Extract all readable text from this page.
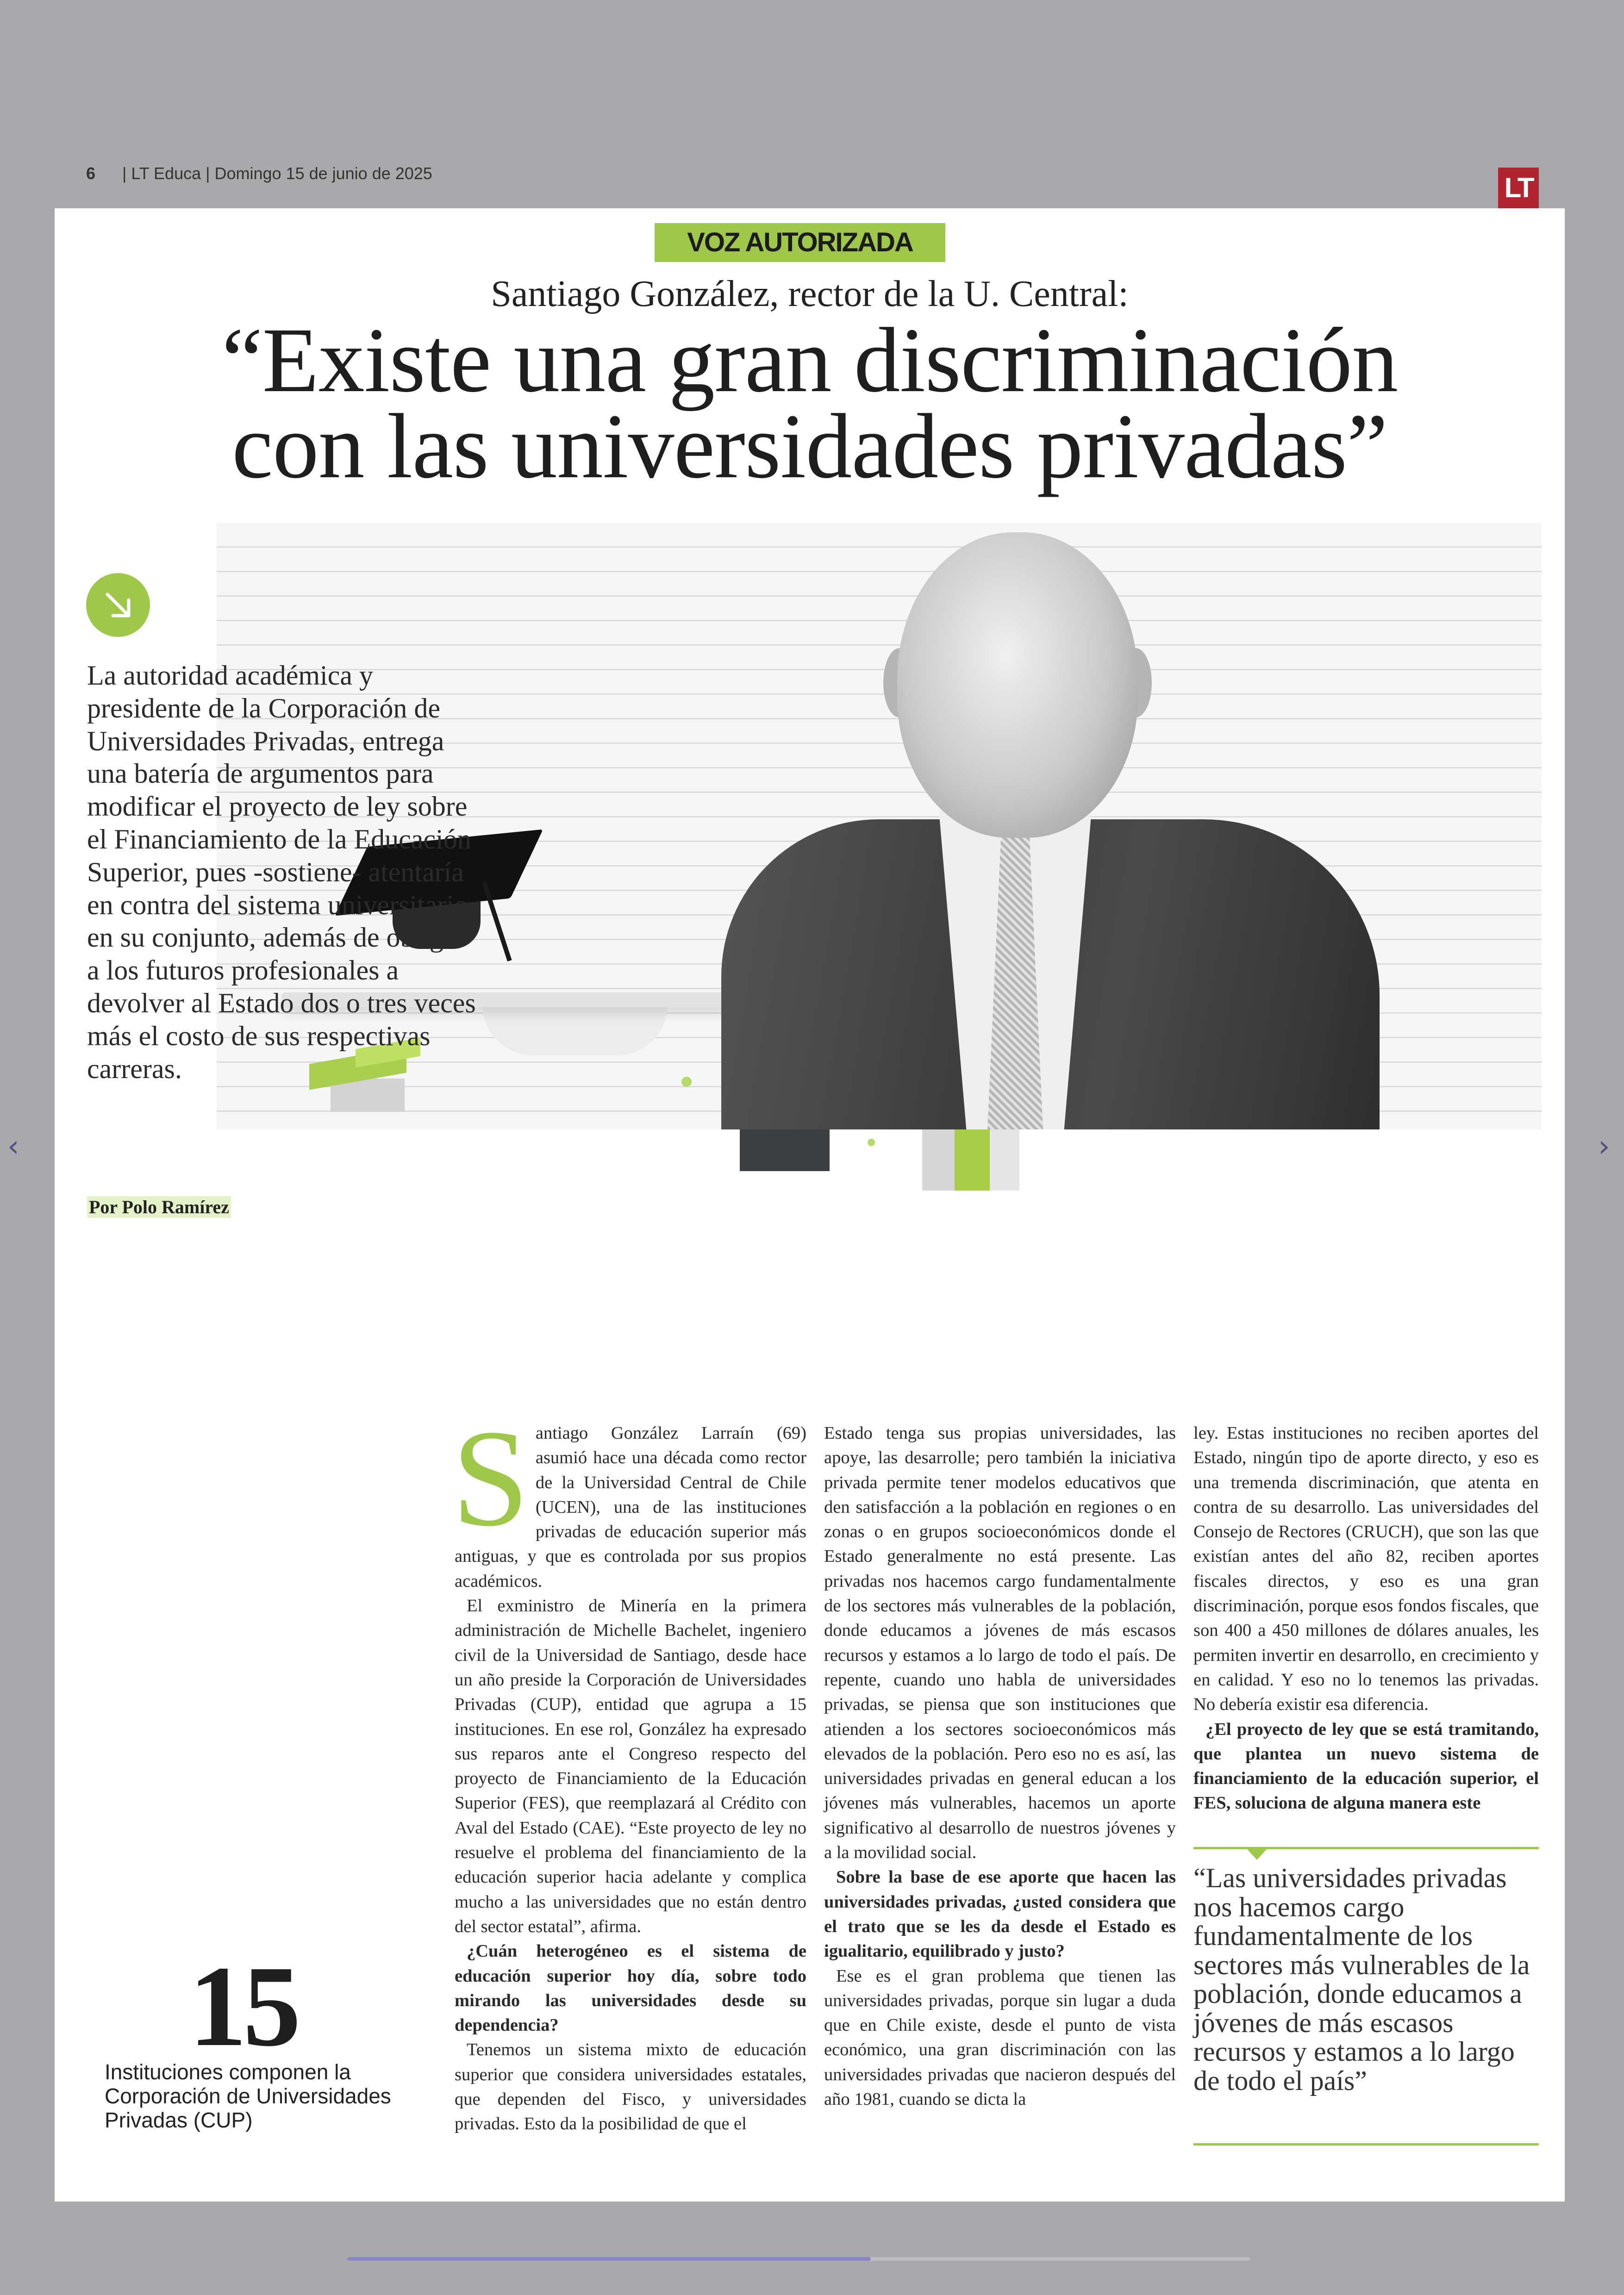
‹	›
6 | LT Educa | Domingo 15 de junio de 2025	LT
VOZ AUTORIZADA
Santiago González, rector de la U. Central:
“Existe una gran discriminación
con las universidades privadas”
La autoridad académica y presidente de la Corporación de Universidades Privadas, entrega una batería de argumentos para modificar el proyecto de ley sobre el Financiamiento de la Educación Superior, pues -sostiene- atentaría en contra del sistema universitario en su conjunto, además de obligar a los futuros profesionales a devolver al Estado dos o tres veces más el costo de sus respectivas carreras.
Por Polo Ramírez

Santiago González Larraín (69) asumió hace una década como rector de la Universidad Central de Chile (UCEN), una de las instituciones privadas de educación superior más antiguas, y que es controlada por sus propios académicos.

El exministro de Minería en la primera administración de Michelle Bachelet, ingeniero civil de la Universidad de Santiago, desde hace un año preside la Corporación de Universidades Privadas (CUP), entidad que agrupa a 15 instituciones. En ese rol, González ha expresado sus reparos ante el Congreso respecto del proyecto de Financiamiento de la Educación Superior (FES), que reemplazará al Crédito con Aval del Estado (CAE). “Este proyecto de ley no resuelve el problema del financiamiento de la educación superior hacia adelante y complica mucho a las universidades que no están dentro del sector estatal”, afirma.

¿Cuán heterogéneo es el sistema de educación superior hoy día, sobre todo mirando las universidades desde su dependencia?

Tenemos un sistema mixto de educación superior que considera universidades estatales, que dependen del Fisco, y universidades privadas. Esto da la posibilidad de que el

Estado tenga sus propias universidades, las apoye, las desarrolle; pero también la iniciativa privada permite tener modelos educativos que den satisfacción a la población en regiones o en zonas o en grupos socioeconómicos donde el Estado generalmente no está presente. Las privadas nos hacemos cargo fundamentalmente de los sectores más vulnerables de la población, donde educamos a jóvenes de más escasos recursos y estamos a lo largo de todo el país. De repente, cuando uno habla de universidades privadas, se piensa que son instituciones que atienden a los sectores socioeconómicos más elevados de la población. Pero eso no es así, las universidades privadas en general educan a los jóvenes más vulnerables, hacemos un aporte significativo al desarrollo de nuestros jóvenes y a la movilidad social.

Sobre la base de ese aporte que hacen las universidades privadas, ¿usted considera que el trato que se les da desde el Estado es igualitario, equilibrado y justo?

Ese es el gran problema que tienen las universidades privadas, porque sin lugar a duda que en Chile existe, desde el punto de vista económico, una gran discriminación con las universidades privadas que nacieron después del año 1981, cuando se dicta la

ley. Estas instituciones no reciben aportes del Estado, ningún tipo de aporte directo, y eso es una tremenda discriminación, que atenta en contra de su desarrollo. Las universidades del Consejo de Rectores (CRUCH), que son las que existían antes del año 82, reciben aportes fiscales directos, y eso es una gran discriminación, porque esos fondos fiscales, que son 400 a 450 millones de dólares anuales, les permiten invertir en desarrollo, en crecimiento y en calidad. Y eso no lo tenemos las privadas. No debería existir esa diferencia.

¿El proyecto de ley que se está tramitando, que plantea un nuevo sistema de financiamiento de la educación superior, el FES, soluciona de alguna manera este

“Las universidades privadas nos hacemos cargo fundamentalmente de los sectores más vulnerables de la población, donde educamos a jóvenes de más escasos recursos y estamos a lo largo de todo el país”
15
Instituciones componen la Corporación de Universidades Privadas (CUP)
